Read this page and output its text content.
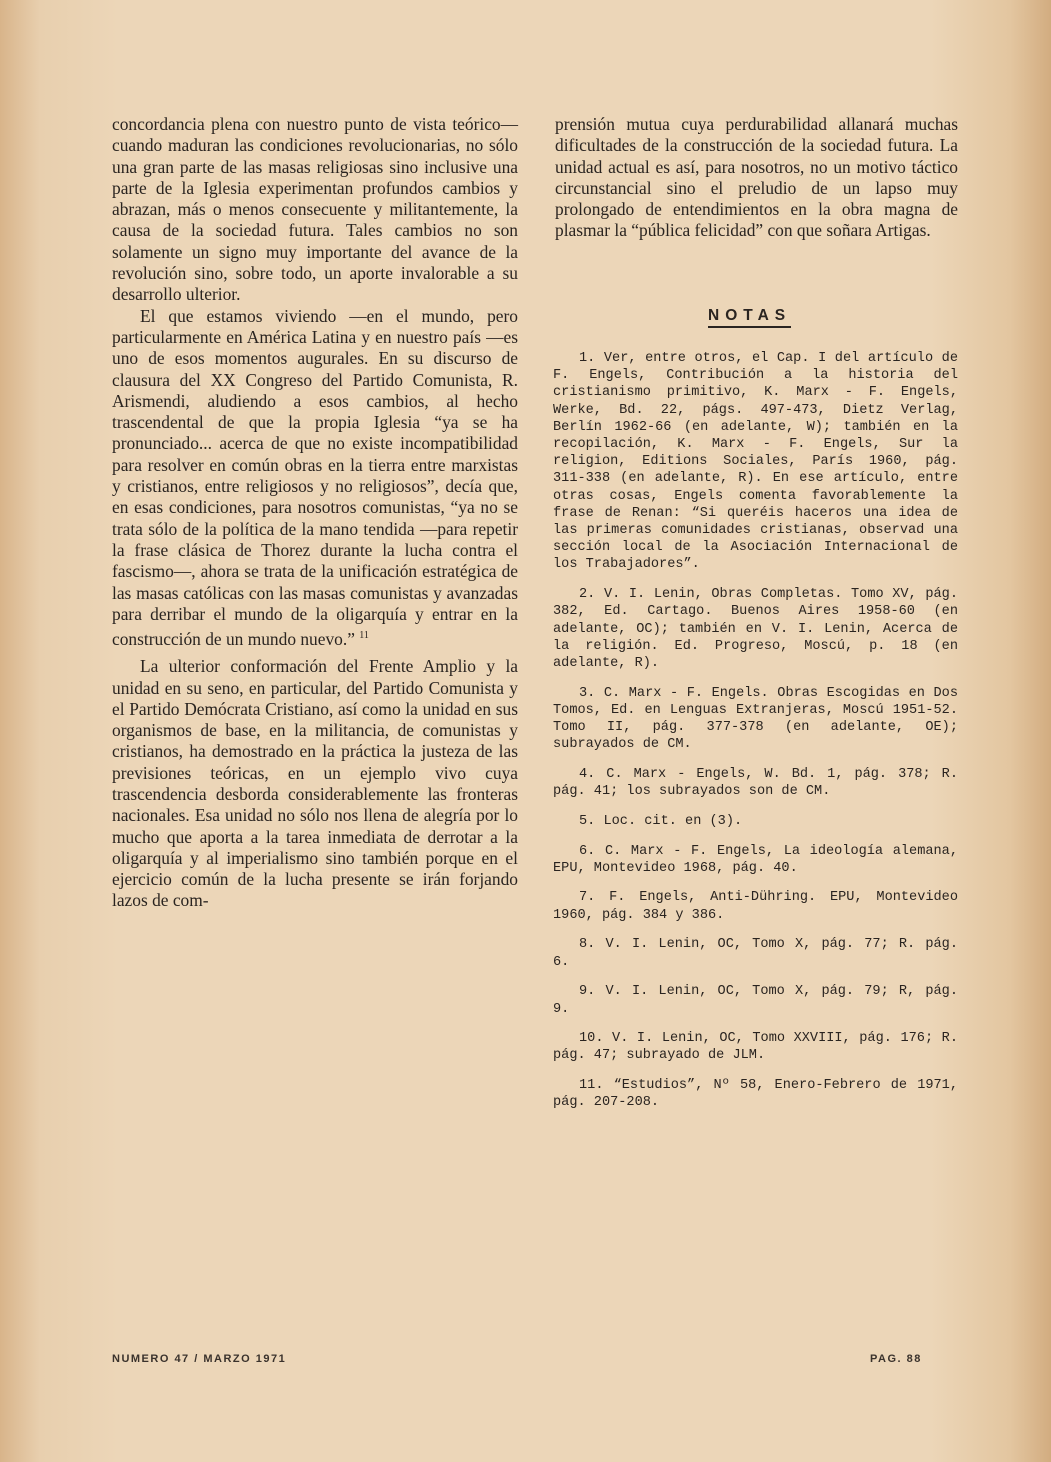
concordancia plena con nuestro punto de vista teórico— cuando maduran las condiciones revolucionarias, no sólo una gran parte de las masas religiosas sino inclusive una parte de la Iglesia experimentan profundos cambios y abrazan, más o menos consecuente y militantemente, la causa de la sociedad futura. Tales cambios no son solamente un signo muy importante del avance de la revolución sino, sobre todo, un aporte invalorable a su desarrollo ulterior.

El que estamos viviendo —en el mundo, pero particularmente en América Latina y en nuestro país —es uno de esos momentos augurales. En su discurso de clausura del XX Congreso del Partido Comunista, R. Arismendi, aludiendo a esos cambios, al hecho trascendental de que la propia Iglesia “ya se ha pronunciado... acerca de que no existe incompatibilidad para resolver en común obras en la tierra entre marxistas y cristianos, entre religiosos y no religiosos”, decía que, en esas condiciones, para nosotros comunistas, “ya no se trata sólo de la política de la mano tendida —para repetir la frase clásica de Thorez durante la lucha contra el fascismo—, ahora se trata de la unificación estratégica de las masas católicas con las masas comunistas y avanzadas para derribar el mundo de la oligarquía y entrar en la construcción de un mundo nuevo.” $^{11}$

La ulterior conformación del Frente Amplio y la unidad en su seno, en particular, del Partido Comunista y el Partido Demócrata Cristiano, así como la unidad en sus organismos de base, en la militancia, de comunistas y cristianos, ha demostrado en la práctica la justeza de las previsiones teóricas, en un ejemplo vivo cuya trascendencia desborda considerablemente las fronteras nacionales. Esa unidad no sólo nos llena de alegría por lo mucho que aporta a la tarea inmediata de derrotar a la oligarquía y al imperialismo sino también porque en el ejercicio común de la lucha presente se irán forjando lazos de com-

prensión mutua cuya perdurabilidad allanará muchas dificultades de la construcción de la sociedad futura. La unidad actual es así, para nosotros, no un motivo táctico circunstancial sino el preludio de un lapso muy prolongado de entendimientos en la obra magna de plasmar la “pública felicidad” con que soñara Artigas.

NOTAS

1. Ver, entre otros, el Cap. I del artículo de F. Engels, Contribución a la historia del cristianismo primitivo, K. Marx - F. Engels, Werke, Bd. 22, págs. 497-473, Dietz Verlag, Berlín 1962-66 (en adelante, W); también en la recopilación, K. Marx - F. Engels, Sur la religion, Editions Sociales, París 1960, pág. 311-338 (en adelante, R). En ese artículo, entre otras cosas, Engels comenta favorablemente la frase de Renan: “Si queréis haceros una idea de las primeras comunidades cristianas, observad una sección local de la Asociación Internacional de los Trabajadores”.

2. V. I. Lenin, Obras Completas. Tomo XV, pág. 382, Ed. Cartago. Buenos Aires 1958-60 (en adelante, OC); también en V. I. Lenin, Acerca de la religión. Ed. Progreso, Moscú, p. 18 (en adelante, R).

3. C. Marx - F. Engels. Obras Escogidas en Dos Tomos, Ed. en Lenguas Extranjeras, Moscú 1951-52. Tomo II, pág. 377-378 (en adelante, OE); subrayados de CM.

4. C. Marx - Engels, W. Bd. 1, pág. 378; R. pág. 41; los subrayados son de CM.

5. Loc. cit. en (3).

6. C. Marx - F. Engels, La ideología alemana, EPU, Montevideo 1968, pág. 40.

7. F. Engels, Anti-Dühring. EPU, Montevideo 1960, pág. 384 y 386.

8. V. I. Lenin, OC, Tomo X, pág. 77; R. pág. 6.

9. V. I. Lenin, OC, Tomo X, pág. 79; R, pág. 9.

10. V. I. Lenin, OC, Tomo XXVIII, pág. 176; R. pág. 47; subrayado de JLM.

11. “Estudios”, Nº 58, Enero-Febrero de 1971, pág. 207-208.

NUMERO 47 / MARZO 1971	PAG. 88
